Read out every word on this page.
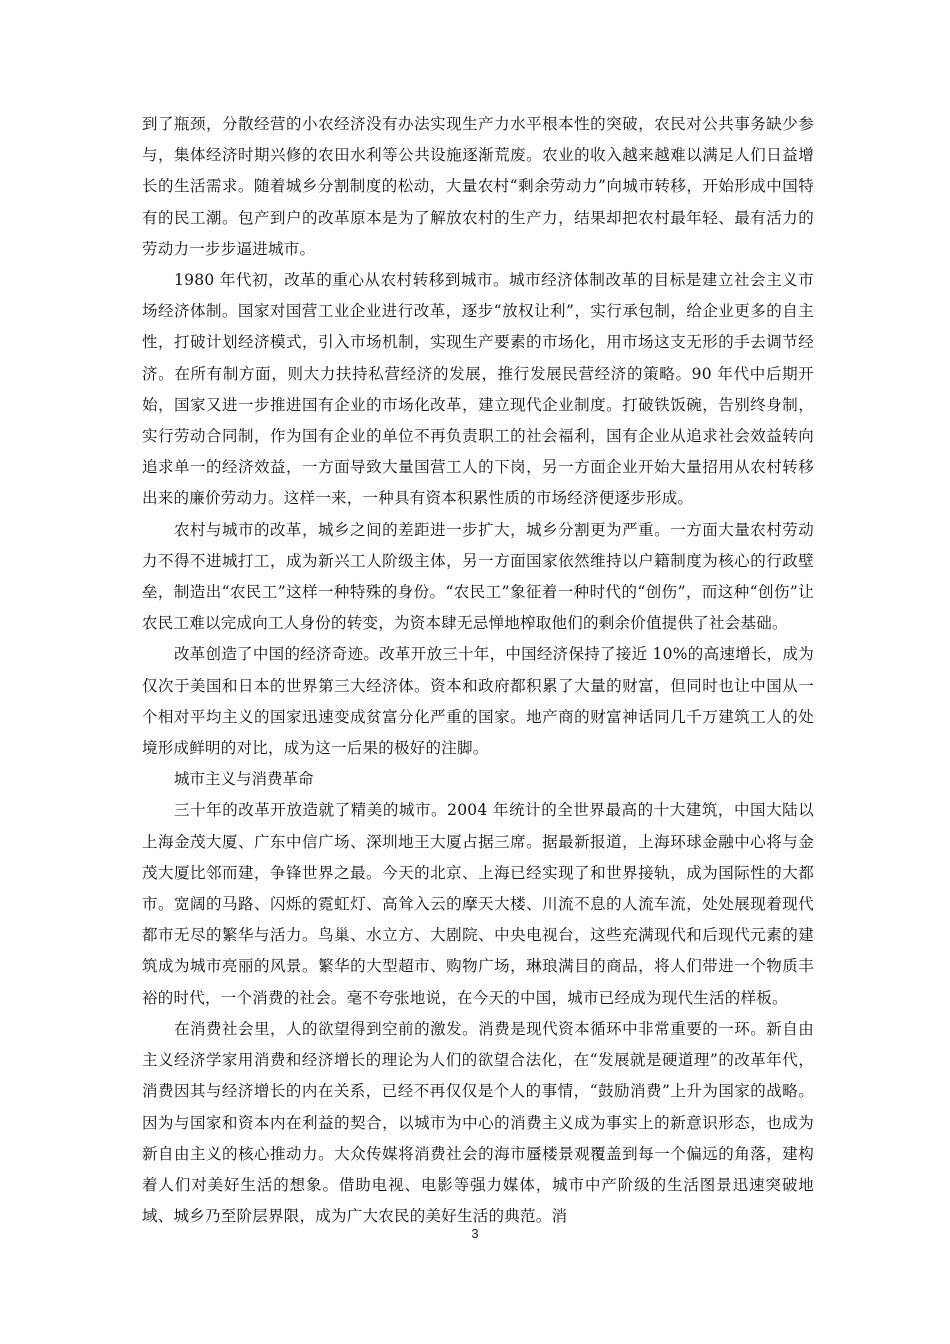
到了瓶颈，分散经营的小农经济没有办法实现生产力水平根本性的突破，农民对公共事务缺少参与，集体经济时期兴修的农田水利等公共设施逐渐荒废。农业的收入越来越难以满足人们日益增长的生活需求。随着城乡分割制度的松动，大量农村“剩余劳动力”向城市转移，开始形成中国特有的民工潮。包产到户的改革原本是为了解放农村的生产力，结果却把农村最年轻、最有活力的劳动力一步步逼进城市。

1980 年代初，改革的重心从农村转移到城市。城市经济体制改革的目标是建立社会主义市场经济体制。国家对国营工业企业进行改革，逐步“放权让利”，实行承包制，给企业更多的自主性，打破计划经济模式，引入市场机制，实现生产要素的市场化，用市场这支无形的手去调节经济。在所有制方面，则大力扶持私营经济的发展，推行发展民营经济的策略。90 年代中后期开始，国家又进一步推进国有企业的市场化改革，建立现代企业制度。打破铁饭碗，告别终身制，实行劳动合同制，作为国有企业的单位不再负责职工的社会福利，国有企业从追求社会效益转向追求单一的经济效益，一方面导致大量国营工人的下岗，另一方面企业开始大量招用从农村转移出来的廉价劳动力。这样一来，一种具有资本积累性质的市场经济便逐步形成。

农村与城市的改革，城乡之间的差距进一步扩大，城乡分割更为严重。一方面大量农村劳动力不得不进城打工，成为新兴工人阶级主体，另一方面国家依然维持以户籍制度为核心的行政壁垒，制造出“农民工”这样一种特殊的身份。“农民工”象征着一种时代的“创伤”，而这种“创伤”让农民工难以完成向工人身份的转变，为资本肆无忌惮地榨取他们的剩余价值提供了社会基础。

改革创造了中国的经济奇迹。改革开放三十年，中国经济保持了接近 10%的高速增长，成为仅次于美国和日本的世界第三大经济体。资本和政府都积累了大量的财富，但同时也让中国从一个相对平均主义的国家迅速变成贫富分化严重的国家。地产商的财富神话同几千万建筑工人的处境形成鲜明的对比，成为这一后果的极好的注脚。

城市主义与消费革命

三十年的改革开放造就了精美的城市。2004 年统计的全世界最高的十大建筑，中国大陆以上海金茂大厦、广东中信广场、深圳地王大厦占据三席。据最新报道，上海环球金融中心将与金茂大厦比邻而建，争锋世界之最。今天的北京、上海已经实现了和世界接轨，成为国际性的大都市。宽阔的马路、闪烁的霓虹灯、高耸入云的摩天大楼、川流不息的人流车流，处处展现着现代都市无尽的繁华与活力。鸟巢、水立方、大剧院、中央电视台，这些充满现代和后现代元素的建筑成为城市亮丽的风景。繁华的大型超市、购物广场，琳琅满目的商品，将人们带进一个物质丰裕的时代，一个消费的社会。毫不夸张地说，在今天的中国，城市已经成为现代生活的样板。

在消费社会里，人的欲望得到空前的激发。消费是现代资本循环中非常重要的一环。新自由主义经济学家用消费和经济增长的理论为人们的欲望合法化，在“发展就是硬道理”的改革年代，消费因其与经济增长的内在关系，已经不再仅仅是个人的事情，“鼓励消费”上升为国家的战略。因为与国家和资本内在利益的契合，以城市为中心的消费主义成为事实上的新意识形态，也成为新自由主义的核心推动力。大众传媒将消费社会的海市蜃楼景观覆盖到每一个偏远的角落，建构着人们对美好生活的想象。借助电视、电影等强力媒体，城市中产阶级的生活图景迅速突破地域、城乡乃至阶层界限，成为广大农民的美好生活的典范。消

3
